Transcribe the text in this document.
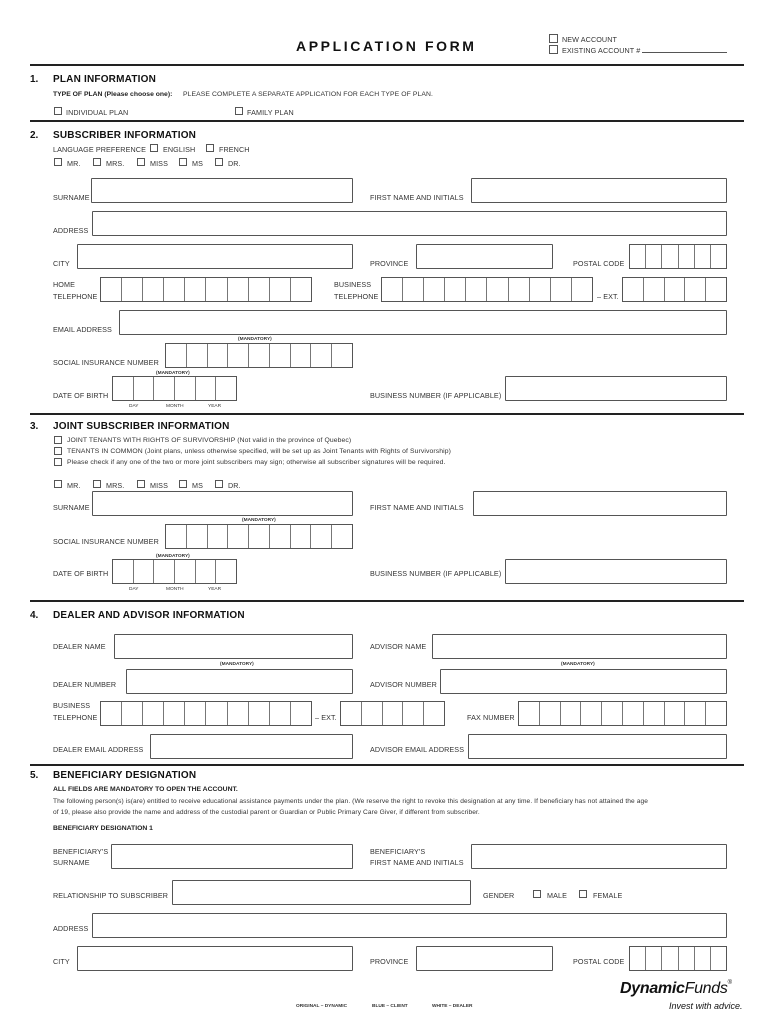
APPLICATION FORM	NEW ACCOUNT
EXISTING ACCOUNT #
1. PLAN INFORMATION
TYPE OF PLAN (Please choose one): PLEASE COMPLETE A SEPARATE APPLICATION FOR EACH TYPE OF PLAN.
INDIVIDUAL PLAN	FAMILY PLAN
2. SUBSCRIBER INFORMATION
LANGUAGE PREFERENCE ENGLISH	FRENCH
MR.	MRS.	MISS	MS	DR.
SURNAME	FIRST NAME AND INITIALS
ADDRESS
CITY	PROVINCE	POSTAL CODE
HOME
TELEPHONE
BUSINESS
TELEPHONE	– EXT.
EMAIL ADDRESS
(MANDATORY)
SOCIAL INSURANCE NUMBER
(MANDATORY)
DATE OF BIRTH
DAY	MONTH	YEAR
BUSINESS NUMBER (IF APPLICABLE)
3. JOINT SUBSCRIBER INFORMATION
JOINT TENANTS WITH RIGHTS OF SURVIVORSHIP (Not valid in the province of Quebec)
TENANTS IN COMMON (Joint plans, unless otherwise specified, will be set up as Joint Tenants with Rights of Survivorship)
Please check if any one of the two or more joint subscribers may sign; otherwise all subscriber signatures will be required.
MR.	MRS.	MISS	MS	DR.
SURNAME	FIRST NAME AND INITIALS
(MANDATORY)
SOCIAL INSURANCE NUMBER
(MANDATORY)
DATE OF BIRTH
DAY	MONTH	YEAR
BUSINESS NUMBER (IF APPLICABLE)
4. DEALER AND ADVISOR INFORMATION
DEALER NAME	ADVISOR NAME
(MANDATORY)	(MANDATORY)
DEALER NUMBER	ADVISOR NUMBER
BUSINESS
TELEPHONE	– EXT.	FAX NUMBER
DEALER EMAIL ADDRESS	ADVISOR EMAIL ADDRESS
5. BENEFICIARY DESIGNATION
ALL FIELDS ARE MANDATORY TO OPEN THE ACCOUNT.
The following person(s) is(are) entitled to receive educational assistance payments under the plan. (We reserve the right to revoke this designation at any time. If beneficiary has not attained the age
of 19, please also provide the name and address of the custodial parent or Guardian or Public Primary Care Giver, if different from subscriber.
BENEFICIARY DESIGNATION 1
BENEFICIARY'S
SURNAME
BENEFICIARY'S
FIRST NAME AND INITIALS
RELATIONSHIP TO SUBSCRIBER	GENDER	MALE	FEMALE
ADDRESS
CITY	PROVINCE	POSTAL CODE
ORIGINAL – DYNAMIC	BLUE – CLIENT	WHITE – DEALER
DynamicFunds®
Invest with advice.
